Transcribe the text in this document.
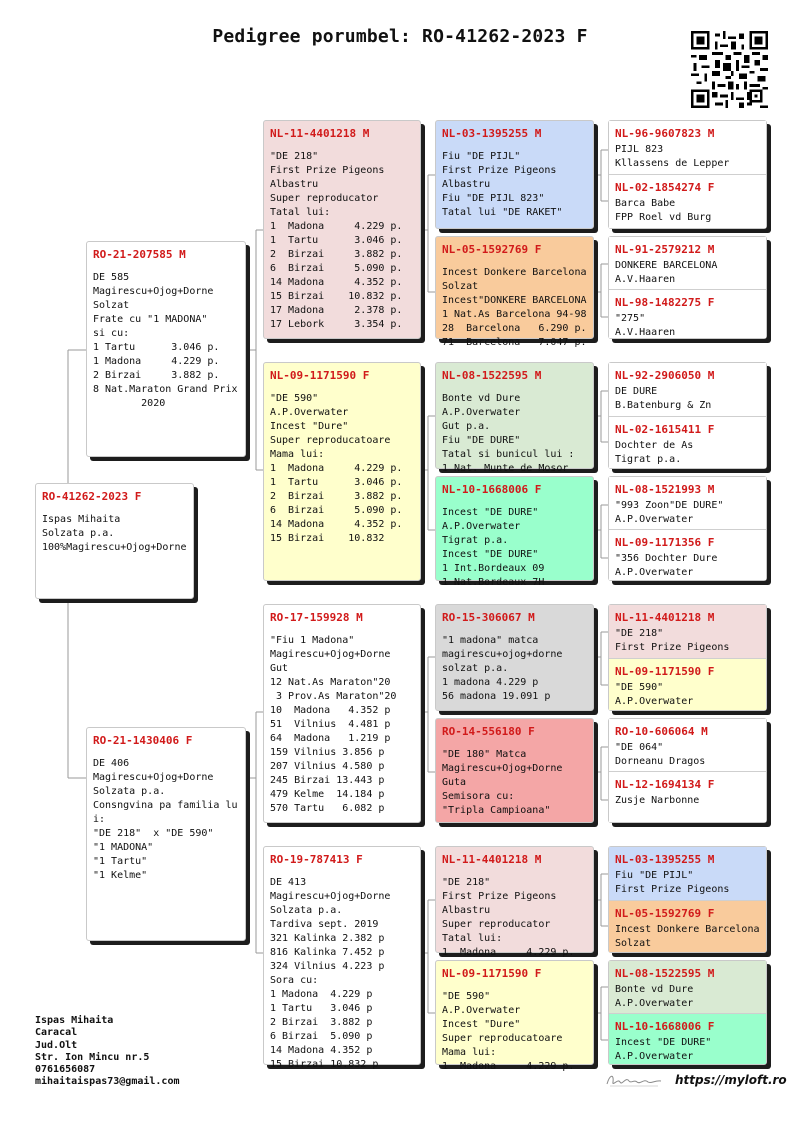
Pedigree porumbel: RO-41262-2023 F
RO-41262-2023 F
Ispas Mihaita
Solzata p.a.
100%Magirescu+Ojog+Dorne
RO-21-207585 M
DE 585
Magirescu+Ojog+Dorne
Solzat
Frate cu "1 MADONA"
si cu:
1 Tartu      3.046 p.
1 Madona     4.229 p.
2 Birzai     3.882 p.
8 Nat.Maraton Grand Prix
2020
RO-21-1430406 F
DE 406
Magirescu+Ojog+Dorne
Solzata p.a.
Consngvina pa familia lu
i:
"DE 218"  x "DE 590"
"1 MADONA"
"1 Tartu"
"1 Kelme"
NL-11-4401218 M
"DE 218"
First Prize Pigeons
Albastru
Super reproducator
Tatal lui:
1  Madona     4.229 p.
1  Tartu      3.046 p.
2  Birzai     3.882 p.
6  Birzai     5.090 p.
14 Madona     4.352 p.
15 Birzai    10.832 p.
17 Madona     2.378 p.
17 Lebork     3.354 p.
NL-09-1171590 F
"DE 590"
A.P.Overwater
Incest "Dure"
Super reproducatoare
Mama lui:
1  Madona     4.229 p.
1  Tartu      3.046 p.
2  Birzai     3.882 p.
6  Birzai     5.090 p.
14 Madona     4.352 p.
15 Birzai    10.832
RO-17-159928 M
"Fiu 1 Madona"
Magirescu+Ojog+Dorne
Gut
12 Nat.As Maraton"20
3 Prov.As Maraton"20
10  Madona   4.352 p
51  Vilnius  4.481 p
64  Madona   1.219 p
159 Vilnius 3.856 p
207 Vilnius 4.580 p
245 Birzai 13.443 p
479 Kelme  14.184 p
570 Tartu   6.082 p
RO-19-787413 F
DE 413
Magirescu+Ojog+Dorne
Solzata p.a.
Tardiva sept. 2019
321 Kalinka 2.382 p
816 Kalinka 7.452 p
324 Vilnius 4.223 p
Sora cu:
1 Madona  4.229 p
1 Tartu   3.046 p
2 Birzai  3.882 p
6 Birzai  5.090 p
14 Madona 4.352 p
15 Birzai 10.832 p
NL-03-1395255 M
Fiu "DE PIJL"
First Prize Pigeons
Albastru
Fiu "DE PIJL 823"
Tatal lui "DE RAKET"
NL-05-1592769 F
Incest Donkere Barcelona
Solzat
Incest"DONKERE BARCELONA
1 Nat.As Barcelona 94-98
28  Barcelona   6.290 p.
71  Barcelona   7.047 p.
NL-08-1522595 M
Bonte vd Dure
A.P.Overwater
Gut p.a.
Fiu "DE DURE"
Tatal si bunicul lui :
1 Nat. Munte de Mosor
NL-10-1668006 F
Incest "DE DURE"
A.P.Overwater
Tigrat p.a.
Incest "DE DURE"
1 Int.Bordeaux 09
1 Nat.Bordeaux 7H
RO-15-306067 M
"1 madona" matca
magirescu+ojog+dorne
solzat p.a.
1 madona 4.229 p
56 madona 19.091 p
RO-14-556180 F
"DE 180" Matca
Magirescu+Ojog+Dorne
Guta
Semisora cu:
"Tripla Campioana"
NL-11-4401218 M
"DE 218"
First Prize Pigeons
Albastru
Super reproducator
Tatal lui:
1  Madona     4.229 p.
NL-09-1171590 F
"DE 590"
A.P.Overwater
Incest "Dure"
Super reproducatoare
Mama lui:
1  Madona     4.229 p.
NL-96-9607823 M
PIJL 823
Kllassens de Lepper
NL-02-1854274 F
Barca Babe
FPP Roel vd Burg
NL-91-2579212 M
DONKERE BARCELONA
A.V.Haaren
NL-98-1482275 F
"275"
A.V.Haaren
NL-92-2906050 M
DE DURE
B.Batenburg & Zn
NL-02-1615411 F
Dochter de As
Tigrat p.a.
NL-08-1521993 M
"993 Zoon"DE DURE"
A.P.Overwater
NL-09-1171356 F
"356 Dochter Dure
A.P.Overwater
NL-11-4401218 M
"DE 218"
First Prize Pigeons
NL-09-1171590 F
"DE 590"
A.P.Overwater
RO-10-606064 M
"DE 064"
Dorneanu Dragos
NL-12-1694134 F
Zusje Narbonne
NL-03-1395255 M
Fiu "DE PIJL"
First Prize Pigeons
NL-05-1592769 F
Incest Donkere Barcelona
Solzat
NL-08-1522595 M
Bonte vd Dure
A.P.Overwater
NL-10-1668006 F
Incest "DE DURE"
A.P.Overwater
Ispas Mihaita
Caracal
Jud.Olt
Str. Ion Mincu nr.5
0761656087
mihaitaispas73@gmail.com	https://myloft.ro
